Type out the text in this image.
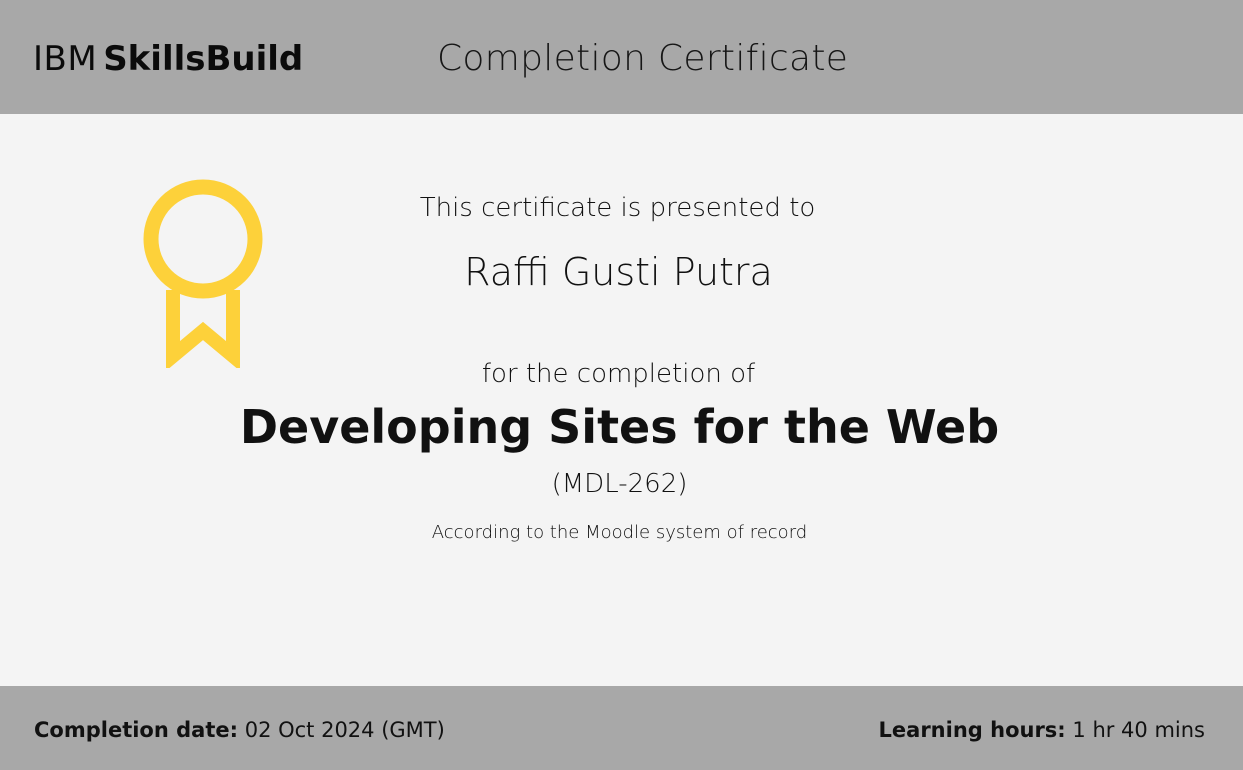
IBM SkillsBuild	Completion Certificate
This certificate is presented to
Raffi Gusti Putra
for the completion of
Developing Sites for the Web
(MDL-262)
According to the Moodle system of record
Completion date: 02 Oct 2024 (GMT)	Learning hours: 1 hr 40 mins
